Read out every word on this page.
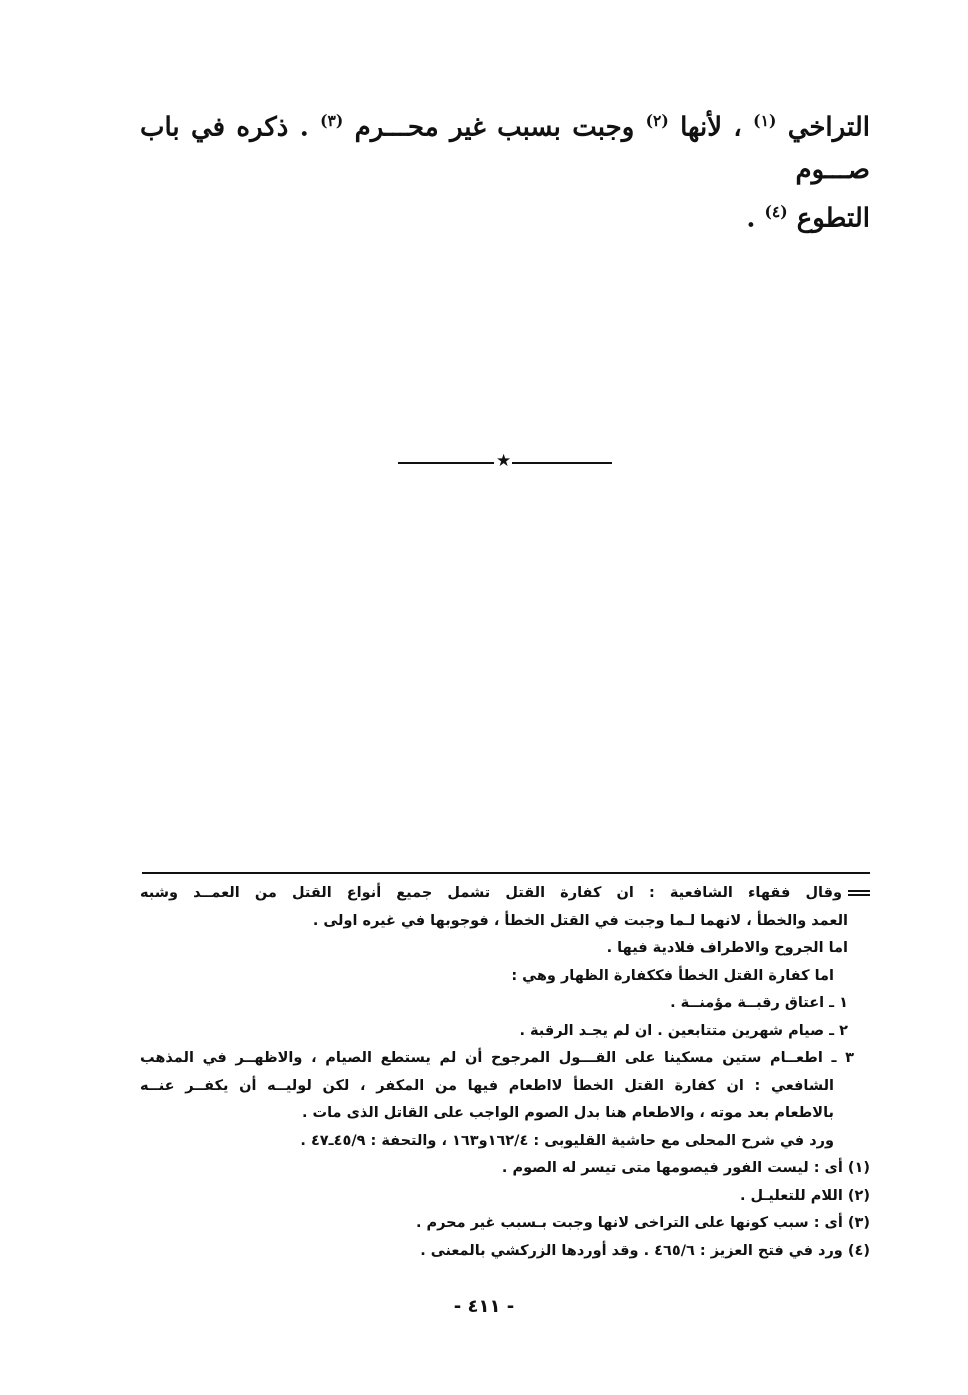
التراخي $^{(١)}$ ، لأنها $^{(٢)}$ وجبت بسبب غير محـــرم $^{(٣)}$ . ذكره في باب صـــوم
التطوع $^{(٤)}$ .
★
وقال فقهاء الشافعية : ان كفارة القتل تشمل جميع أنواع القتل من العمــد وشبه
العمد والخطأ ، لانهما لـما وجبت في القتل الخطأ ، فوجوبها في غيره اولى .
اما الجروح والاطراف فلادية فيها .
اما كفارة القتل الخطأ فككفارة الظهار وهي :
١ ـ اعتاق رقبــة مؤمنــة .
٢ ـ صيام شهرين متتابعين . ان لم يجـد الرقبة .
٣ ـ اطعــام ستين مسكينا على القـــول المرجوح أن لم يستطع الصيام ، والاظهــر في المذهب
الشافعي : ان كفارة القتل الخطأ لااطعام فيها من المكفر ، لكن لوليــه أن يكفــر عنــه
بالاطعام بعد موته ، والاطعام هنا بدل الصوم الواجب على القاتل الذى مات .
ورد في شرح المحلى مع حاشية القليوبى : ١٦٢/٤و١٦٣ ، والتحفة : ٤٥/٩ـ٤٧ .
(١) أى : ليست الفور فيصومها متى تيسر له الصوم .
(٢) اللام للتعليـل .
(٣) أى : سبب كونها على التراخى لانها وجبت بـسبب غير محرم .
(٤) ورد في فتح العزيز : ٤٦٥/٦ . وقد أوردها الزركشي بالمعنى .
- ٤١١ -
